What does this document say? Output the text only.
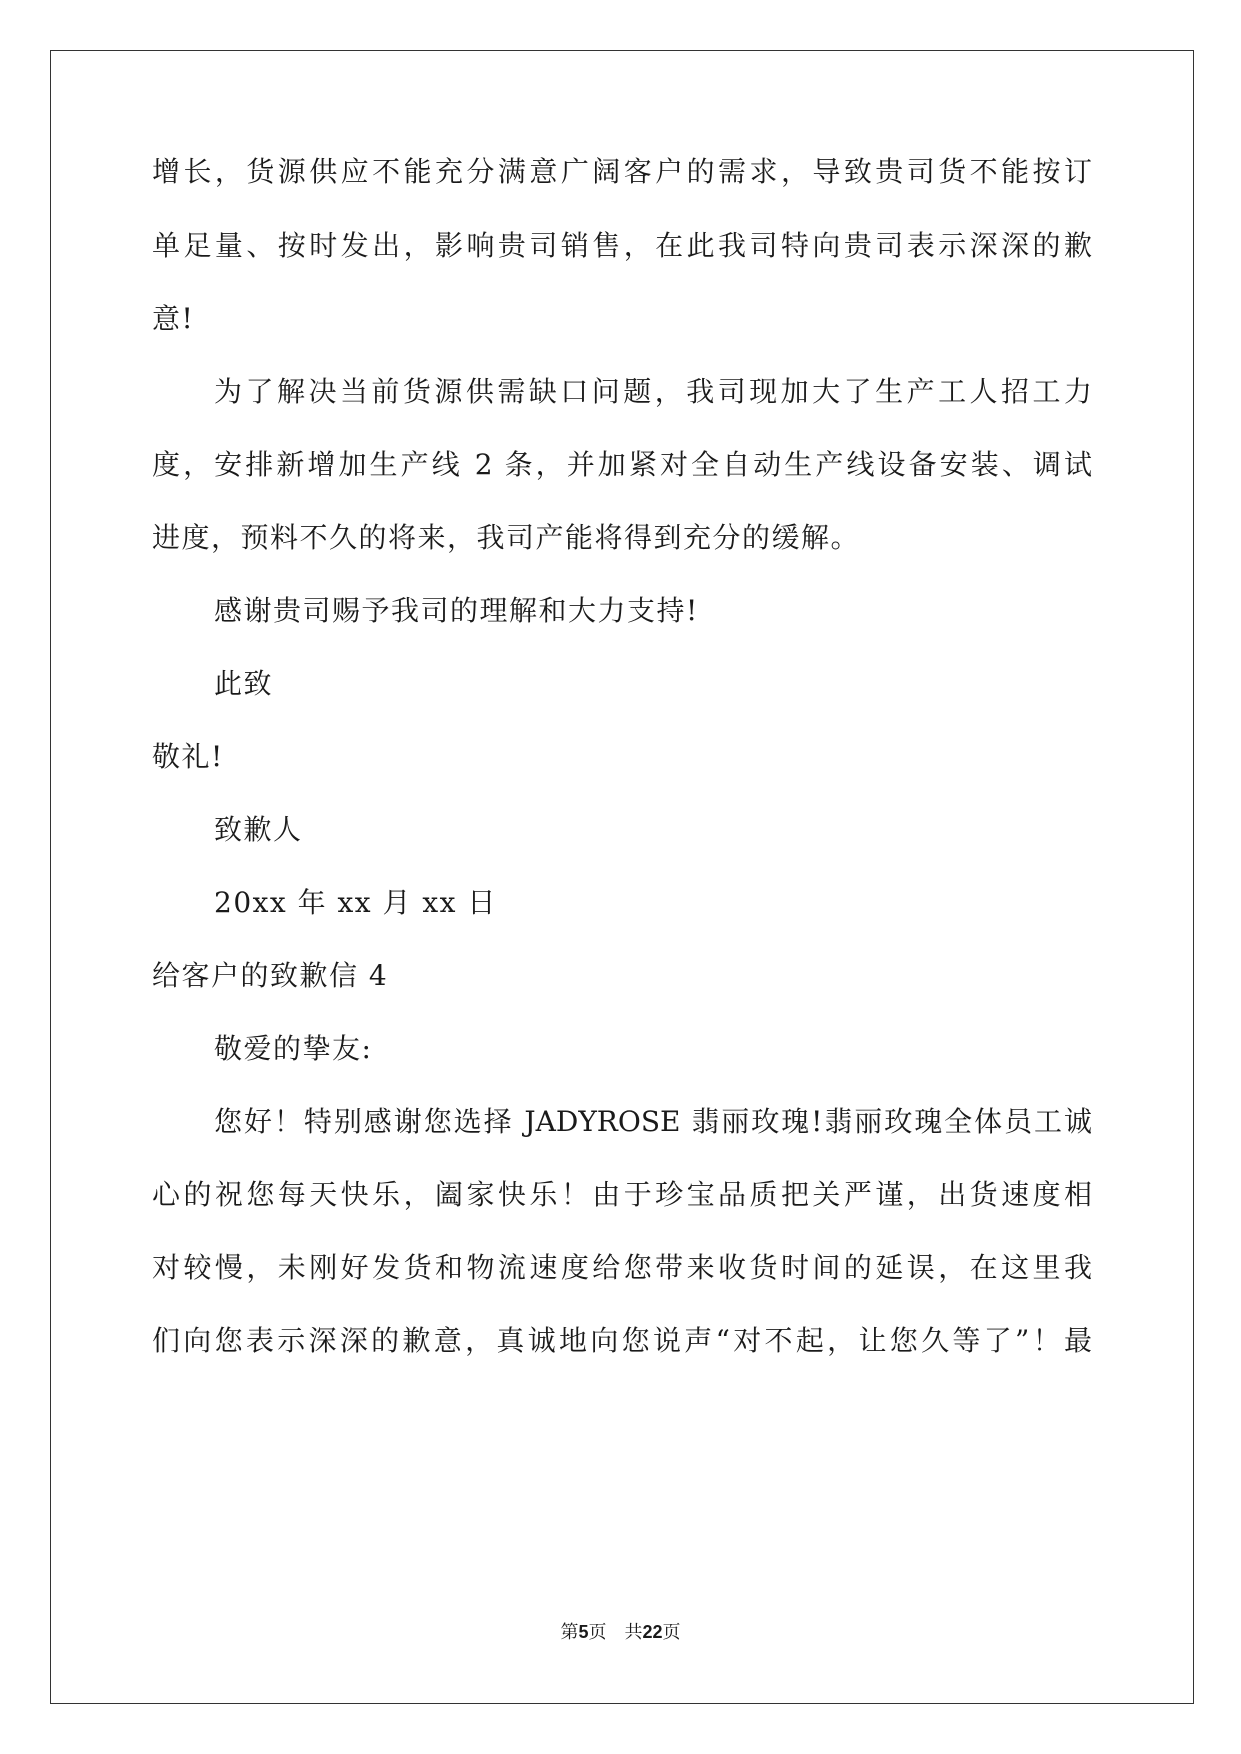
增长，货源供应不能充分满意广阔客户的需求，导致贵司货不能按订
单足量、按时发出，影响贵司销售，在此我司特向贵司表示深深的歉
意!
为了解决当前货源供需缺口问题，我司现加大了生产工人招工力
度，安排新增加生产线 2 条，并加紧对全自动生产线设备安装、调试
进度，预料不久的将来，我司产能将得到充分的缓解。
感谢贵司赐予我司的理解和大力支持!
此致
敬礼!
致歉人
20xx 年 xx 月 xx 日
给客户的致歉信 4
敬爱的挚友:
您好！特别感谢您选择 JADYROSE 翡丽玫瑰!翡丽玫瑰全体员工诚
心的祝您每天快乐，阖家快乐！由于珍宝品质把关严谨，出货速度相
对较慢，未刚好发货和物流速度给您带来收货时间的延误，在这里我
们向您表示深深的歉意，真诚地向您说声“对不起，让您久等了”！最
第5页 共22页
